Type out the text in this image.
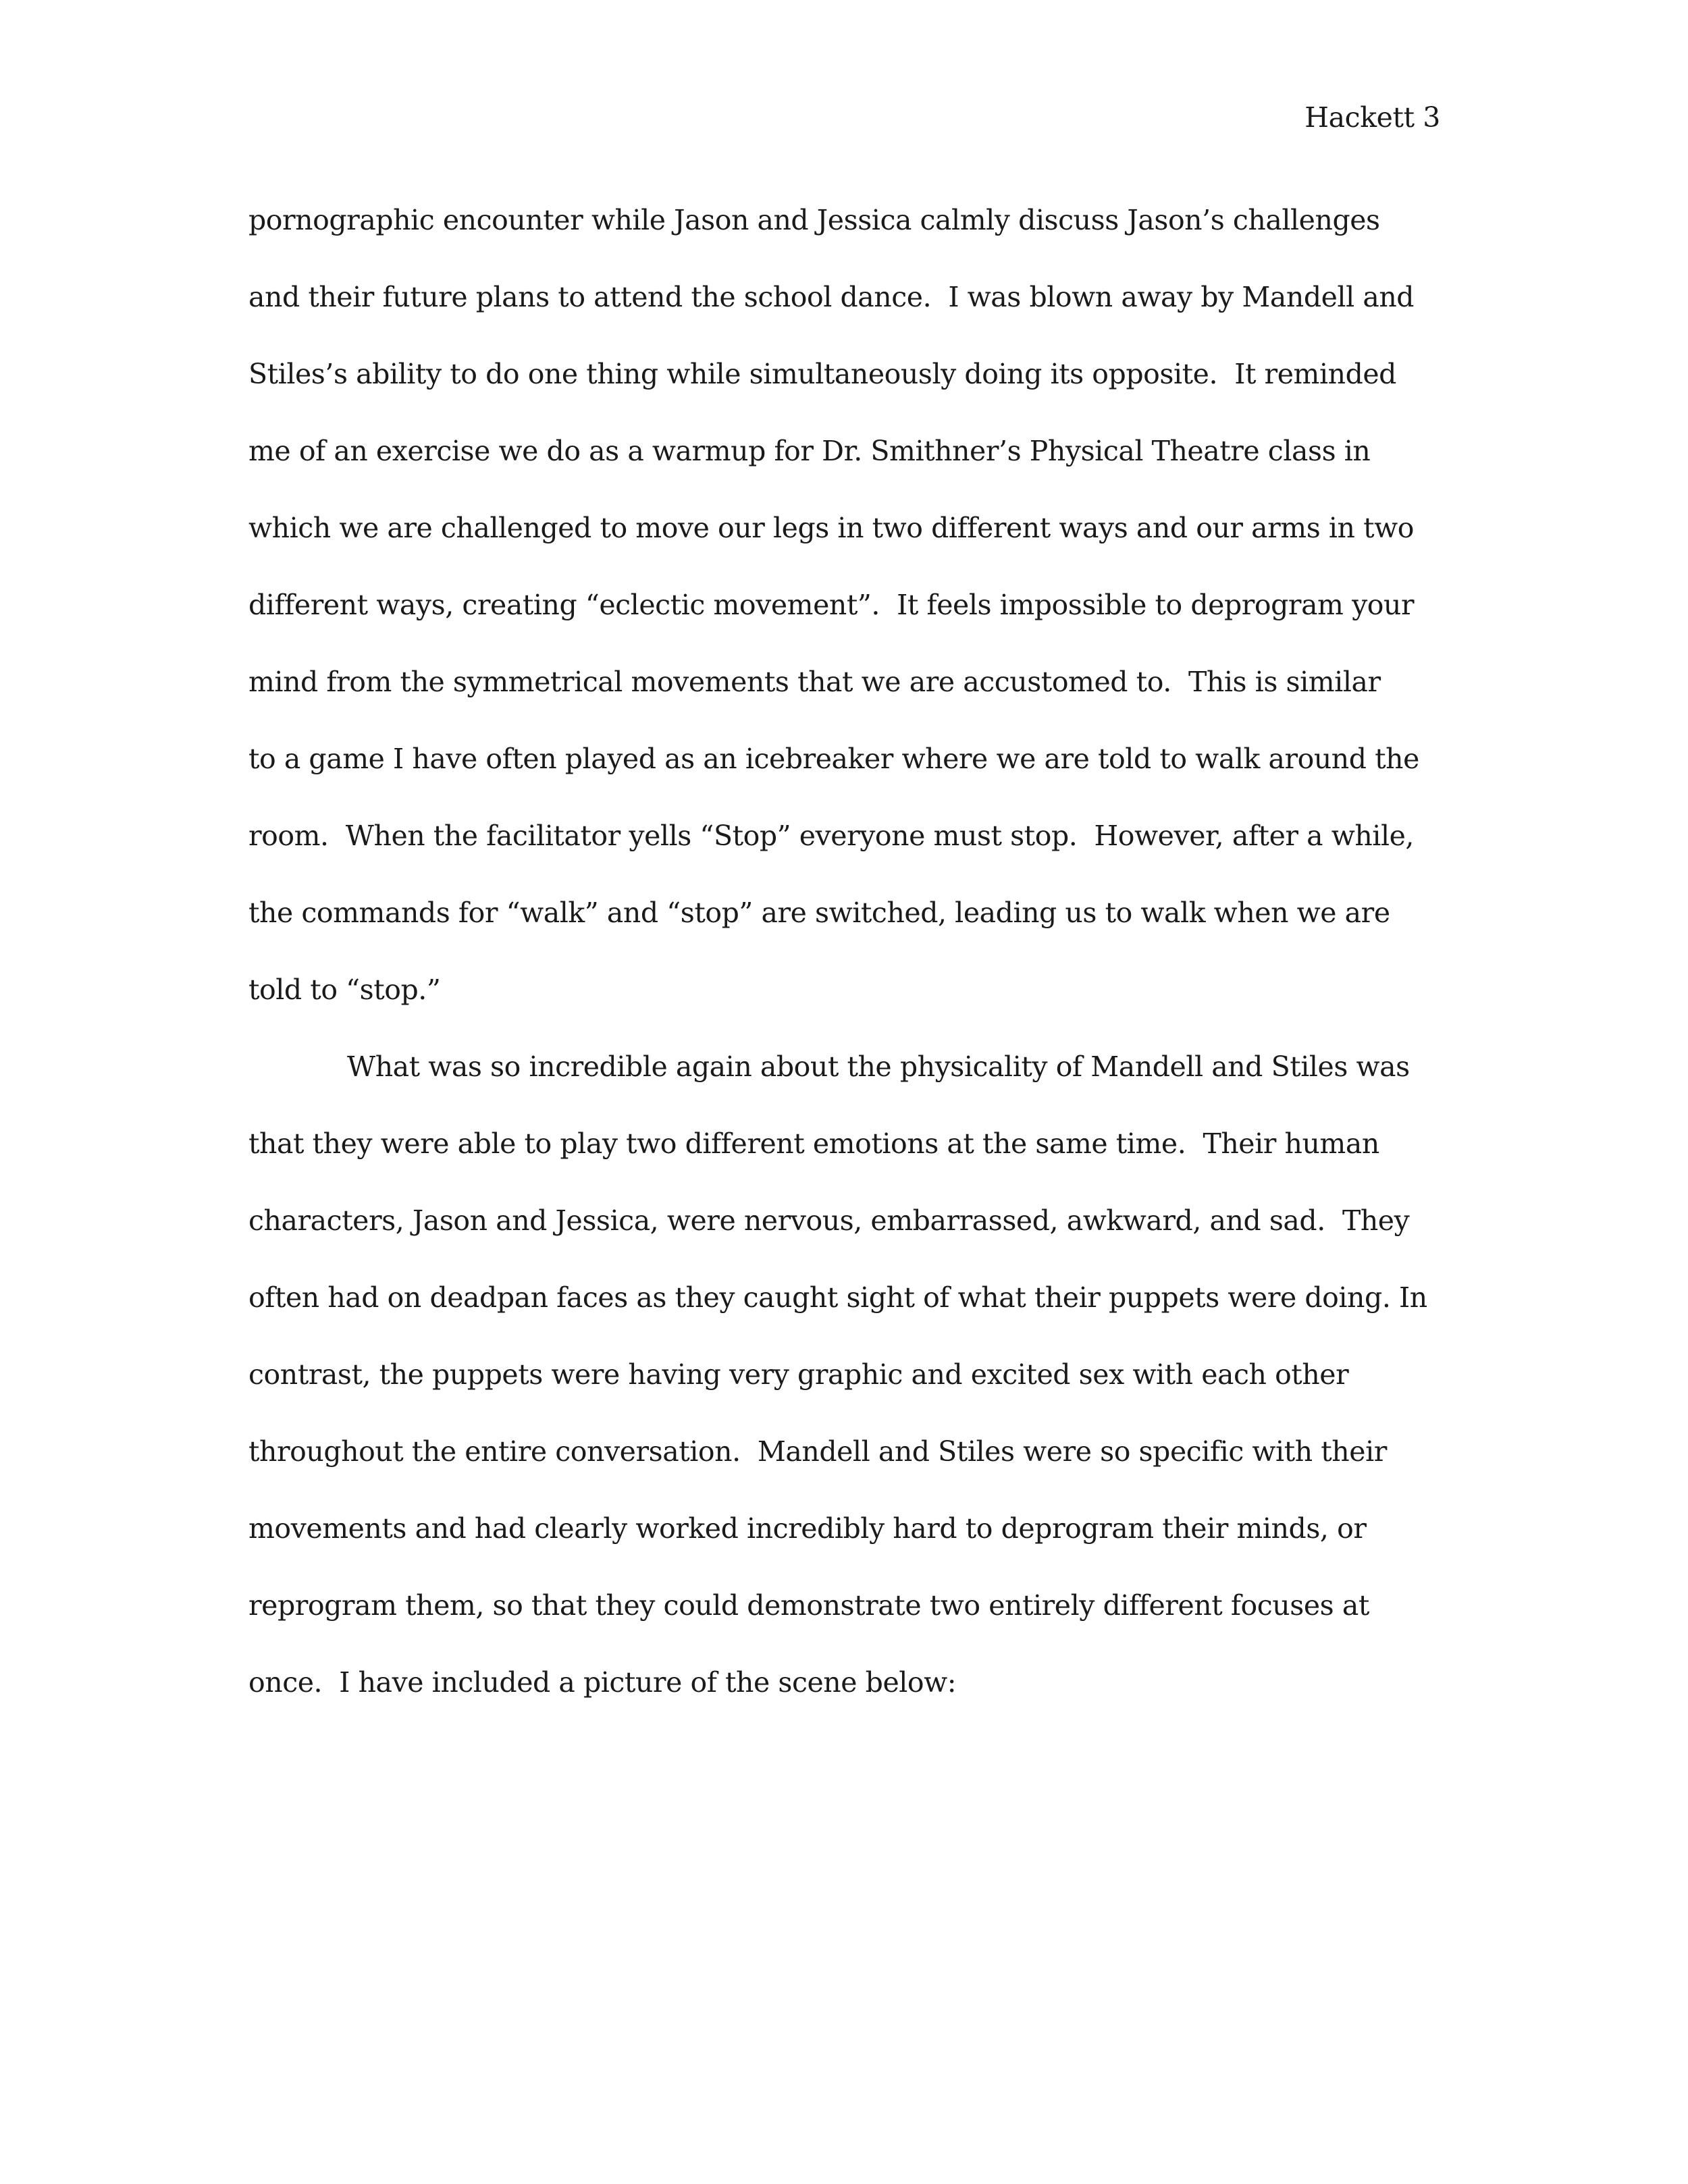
Hackett 3
pornographic encounter while Jason and Jessica calmly discuss Jason’s challenges
and their future plans to attend the school dance.  I was blown away by Mandell and
Stiles’s ability to do one thing while simultaneously doing its opposite.  It reminded
me of an exercise we do as a warmup for Dr. Smithner’s Physical Theatre class in
which we are challenged to move our legs in two different ways and our arms in two
different ways, creating “eclectic movement”.  It feels impossible to deprogram your
mind from the symmetrical movements that we are accustomed to.  This is similar
to a game I have often played as an icebreaker where we are told to walk around the
room.  When the facilitator yells “Stop” everyone must stop.  However, after a while,
the commands for “walk” and “stop” are switched, leading us to walk when we are
told to “stop.”
What was so incredible again about the physicality of Mandell and Stiles was
that they were able to play two different emotions at the same time.  Their human
characters, Jason and Jessica, were nervous, embarrassed, awkward, and sad.  They
often had on deadpan faces as they caught sight of what their puppets were doing. In
contrast, the puppets were having very graphic and excited sex with each other
throughout the entire conversation.  Mandell and Stiles were so specific with their
movements and had clearly worked incredibly hard to deprogram their minds, or
reprogram them, so that they could demonstrate two entirely different focuses at
once.  I have included a picture of the scene below:
